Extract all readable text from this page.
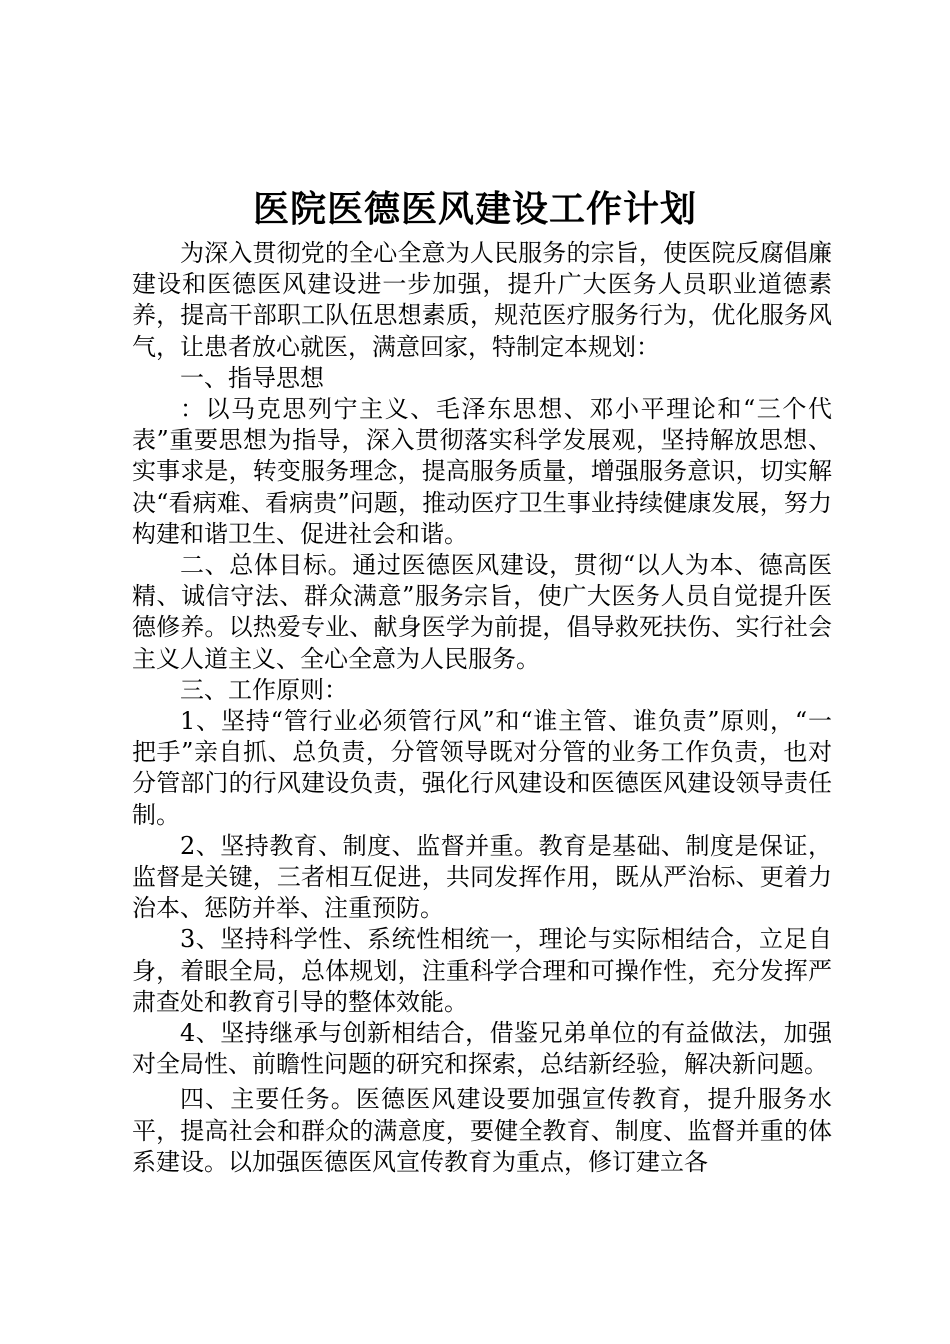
医院医德医风建设工作计划

为深入贯彻党的全心全意为人民服务的宗旨，使医院反腐倡廉建设和医德医风建设进一步加强，提升广大医务人员职业道德素养，提高干部职工队伍思想素质，规范医疗服务行为，优化服务风气，让患者放心就医，满意回家，特制定本规划：

一、指导思想

：以马克思列宁主义、毛泽东思想、邓小平理论和“三个代表”重要思想为指导，深入贯彻落实科学发展观，坚持解放思想、实事求是，转变服务理念，提高服务质量，增强服务意识，切实解决“看病难、看病贵”问题，推动医疗卫生事业持续健康发展，努力构建和谐卫生、促进社会和谐。

二、总体目标。通过医德医风建设，贯彻“以人为本、德高医精、诚信守法、群众满意”服务宗旨，使广大医务人员自觉提升医德修养。以热爱专业、献身医学为前提，倡导救死扶伤、实行社会主义人道主义、全心全意为人民服务。

三、工作原则：

1、坚持“管行业必须管行风”和“谁主管、谁负责”原则，“一把手”亲自抓、总负责，分管领导既对分管的业务工作负责，也对分管部门的行风建设负责，强化行风建设和医德医风建设领导责任制。

2、坚持教育、制度、监督并重。教育是基础、制度是保证，监督是关键，三者相互促进，共同发挥作用，既从严治标、更着力治本、惩防并举、注重预防。

3、坚持科学性、系统性相统一，理论与实际相结合，立足自身，着眼全局，总体规划，注重科学合理和可操作性，充分发挥严肃查处和教育引导的整体效能。

4、坚持继承与创新相结合，借鉴兄弟单位的有益做法，加强对全局性、前瞻性问题的研究和探索，总结新经验，解决新问题。

四、主要任务。医德医风建设要加强宣传教育，提升服务水平，提高社会和群众的满意度，要健全教育、制度、监督并重的体系建设。以加强医德医风宣传教育为重点，修订建立各
